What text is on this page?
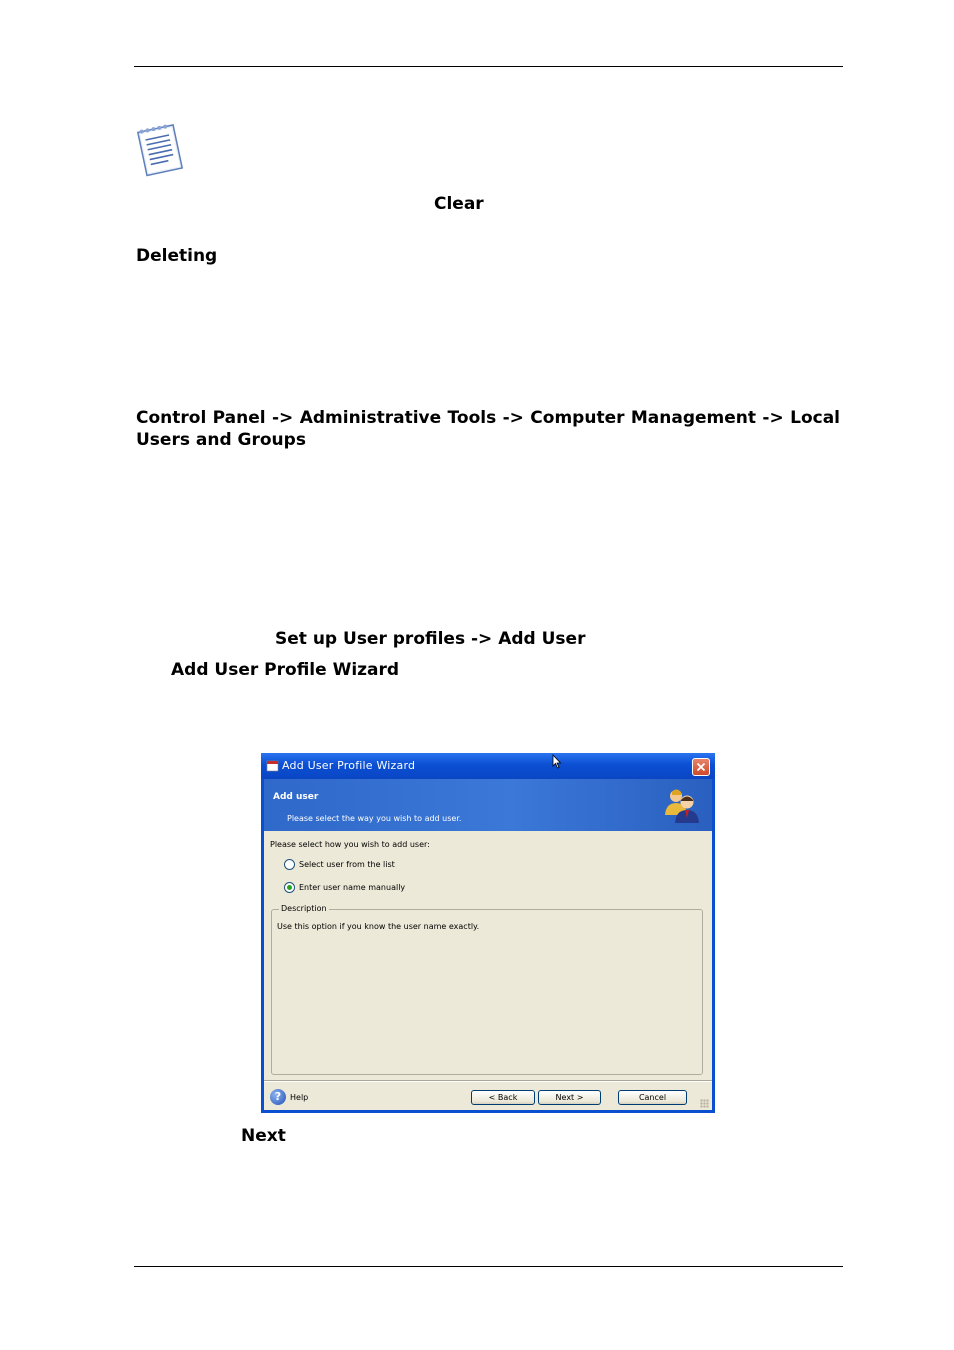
Clear
Deleting
Control Panel -> Administrative Tools -> Computer Management -> Local
Users and Groups
Set up User profiles -> Add User
Add User Profile Wizard
Add User Profile Wizard
Add user
Please select the way you wish to add user.
Please select how you wish to add user:
Select user from the list
Enter user name manually
Description
Use this option if you know the user name exactly.
?	Help	< Back	Next >	Cancel
Next
